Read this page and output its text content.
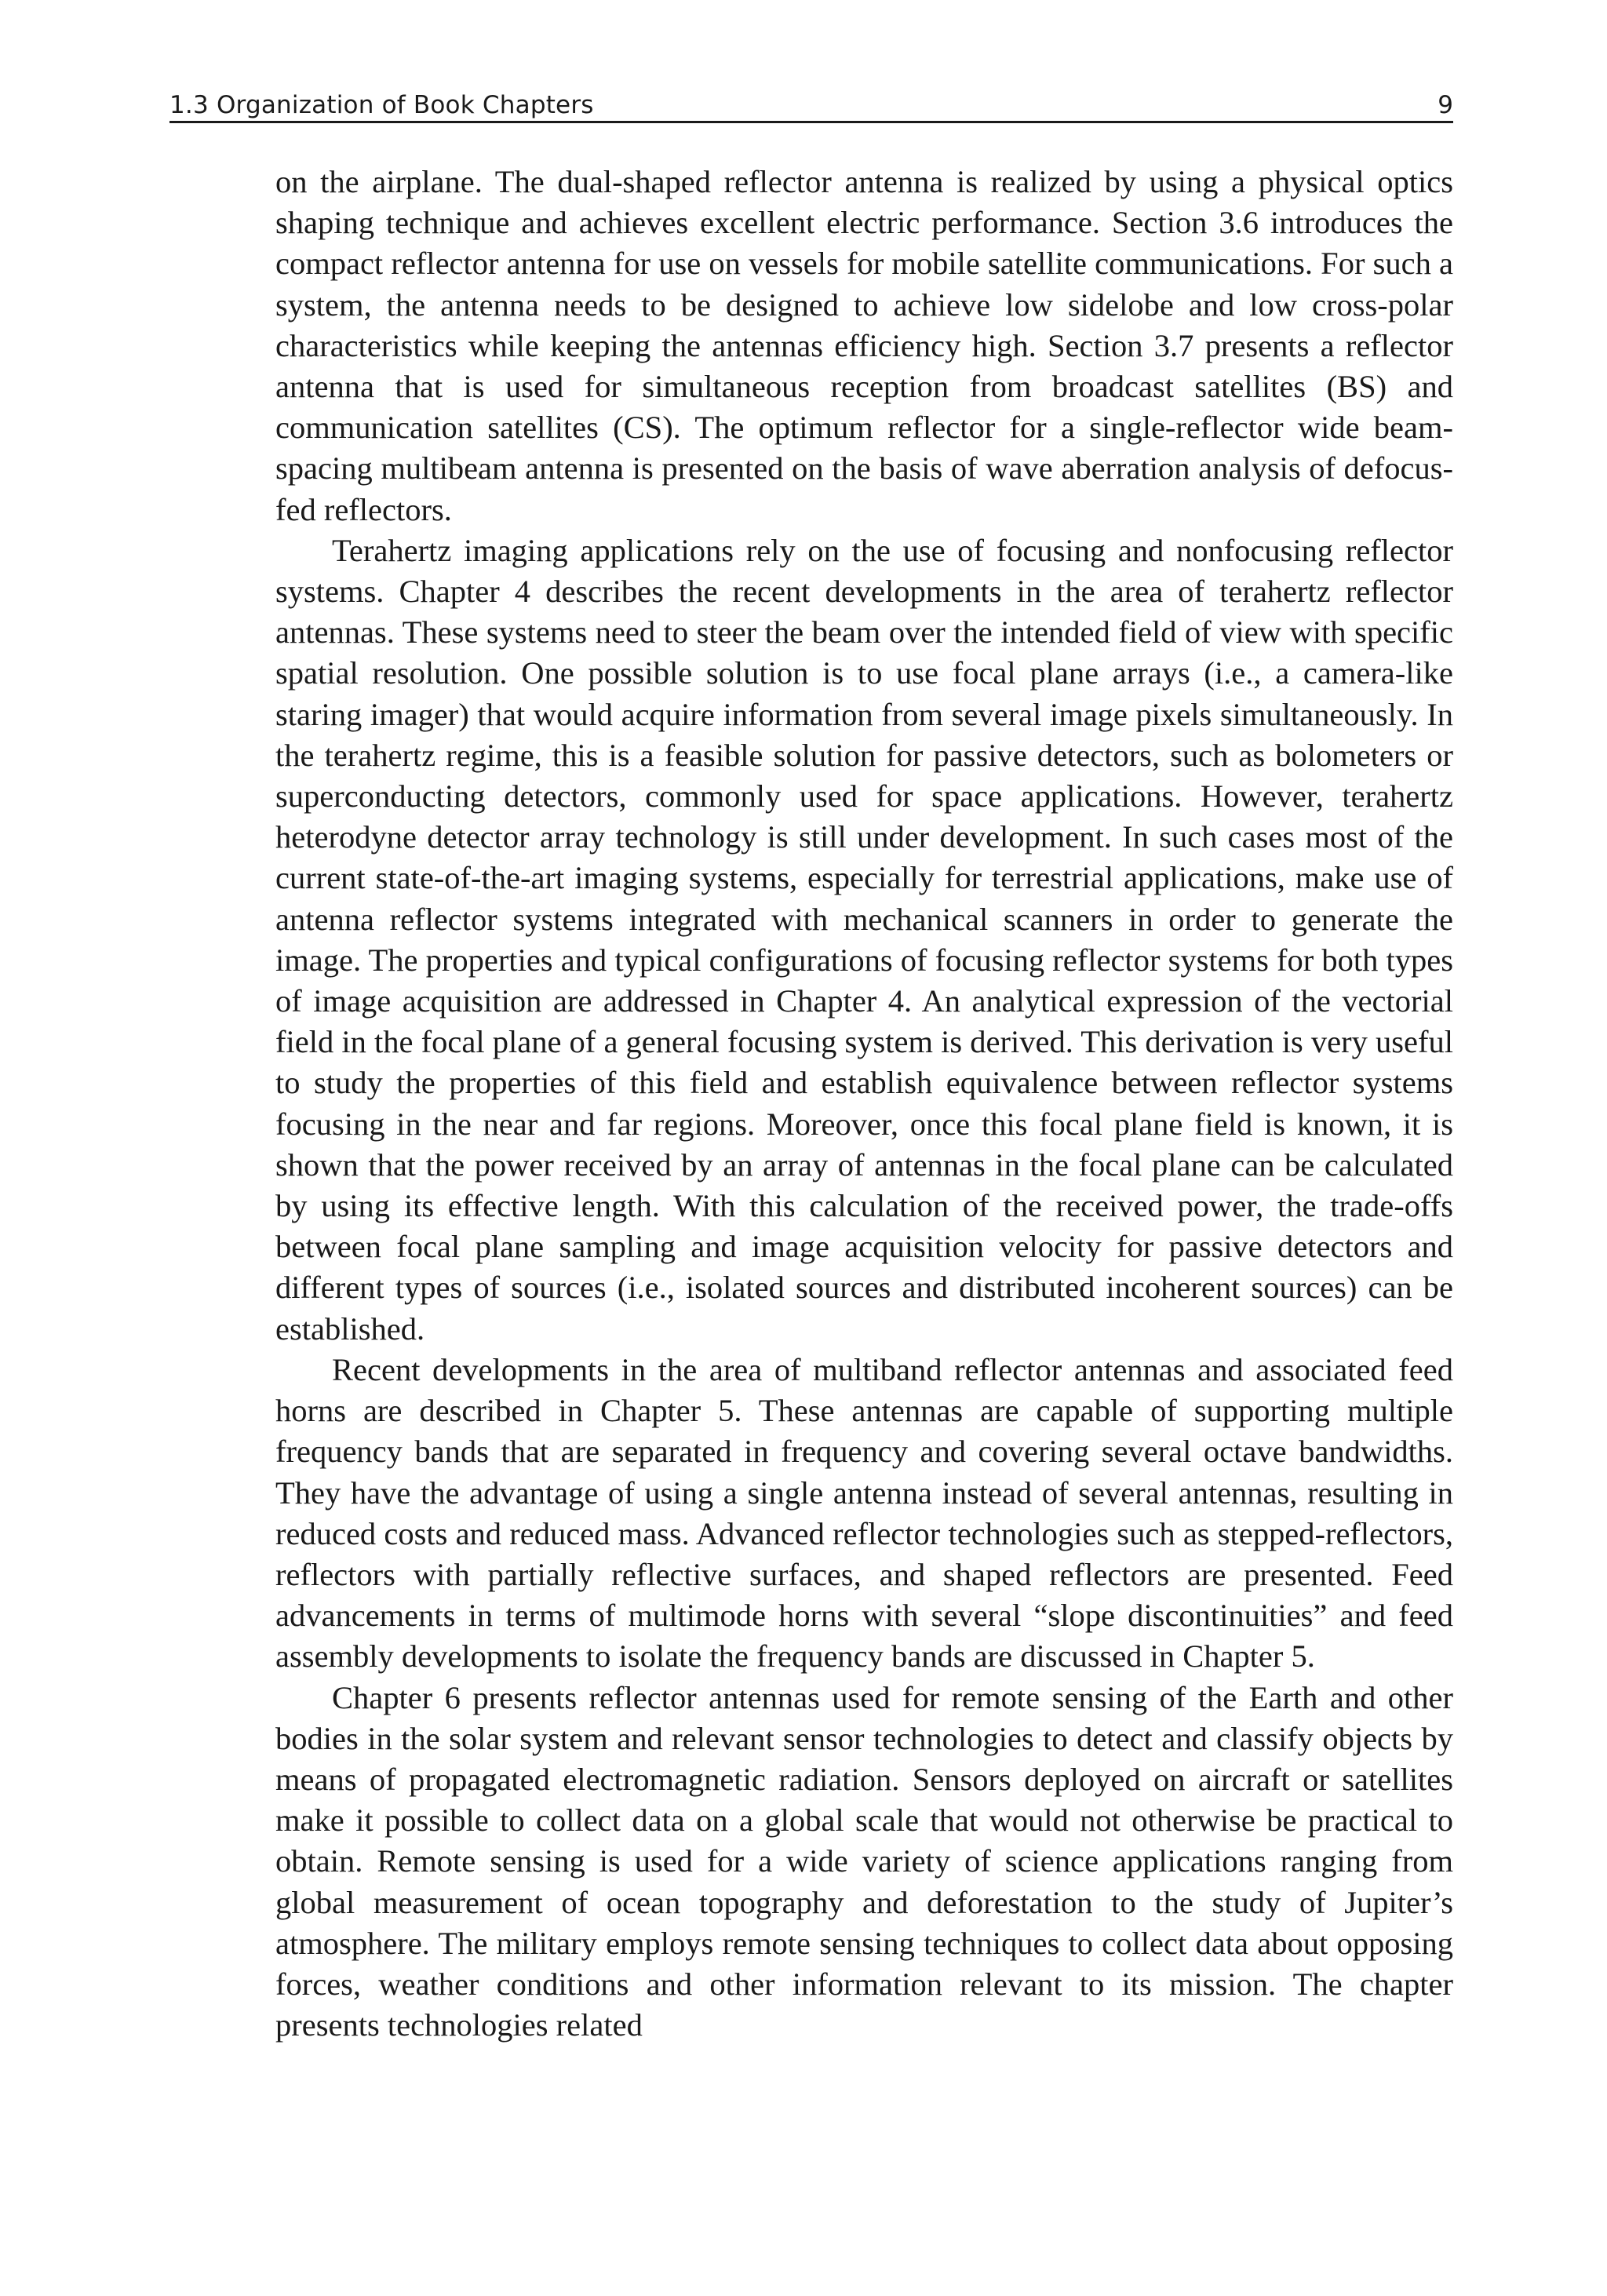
1.3 Organization of Book Chapters	9

on the airplane. The dual-shaped reflector antenna is realized by using a physical optics shaping technique and achieves excellent electric performance. Section 3.6 introduces the compact reflector antenna for use on vessels for mobile satellite communications. For such a system, the antenna needs to be designed to achieve low sidelobe and low cross-polar characteristics while keeping the antennas efficiency high. Section 3.7 presents a reflector antenna that is used for simultaneous reception from broadcast satellites (BS) and communication satellites (CS). The optimum reflector for a single-reflector wide beam-spacing multibeam antenna is presented on the basis of wave aberration analysis of defocus-fed reflectors.

Terahertz imaging applications rely on the use of focusing and nonfocusing reflector systems. Chapter 4 describes the recent developments in the area of terahertz reflector antennas. These systems need to steer the beam over the intended field of view with specific spatial resolution. One possible solution is to use focal plane arrays (i.e., a camera-like staring imager) that would acquire information from several image pixels simultaneously. In the terahertz regime, this is a feasible solution for passive detectors, such as bolometers or superconducting detectors, commonly used for space applications. However, terahertz heterodyne detector array technology is still under development. In such cases most of the current state-of-the-art imaging systems, especially for terrestrial applications, make use of antenna reflector systems integrated with mechanical scanners in order to generate the image. The properties and typical configurations of focusing reflector systems for both types of image acquisition are addressed in Chapter 4. An analytical expression of the vectorial field in the focal plane of a general focusing system is derived. This derivation is very useful to study the properties of this field and establish equivalence between reflector systems focusing in the near and far regions. Moreover, once this focal plane field is known, it is shown that the power received by an array of antennas in the focal plane can be calculated by using its effective length. With this calculation of the received power, the trade-offs between focal plane sampling and image acquisition velocity for passive detectors and different types of sources (i.e., isolated sources and distributed incoherent sources) can be established.

Recent developments in the area of multiband reflector antennas and associated feed horns are described in Chapter 5. These antennas are capable of supporting multiple frequency bands that are separated in frequency and covering several octave bandwidths. They have the advantage of using a single antenna instead of several antennas, resulting in reduced costs and reduced mass. Advanced reflector technologies such as stepped-reflectors, reflectors with partially reflective surfaces, and shaped reflectors are presented. Feed advancements in terms of multimode horns with several “slope discontinuities” and feed assembly developments to isolate the frequency bands are discussed in Chapter 5.

Chapter 6 presents reflector antennas used for remote sensing of the Earth and other bodies in the solar system and relevant sensor technologies to detect and classify objects by means of propagated electromagnetic radiation. Sensors deployed on aircraft or satellites make it possible to collect data on a global scale that would not otherwise be practical to obtain. Remote sensing is used for a wide variety of science applications ranging from global measurement of ocean topography and deforestation to the study of Jupiter’s atmosphere. The military employs remote sensing techniques to collect data about opposing forces, weather conditions and other information relevant to its mission. The chapter presents technologies related
